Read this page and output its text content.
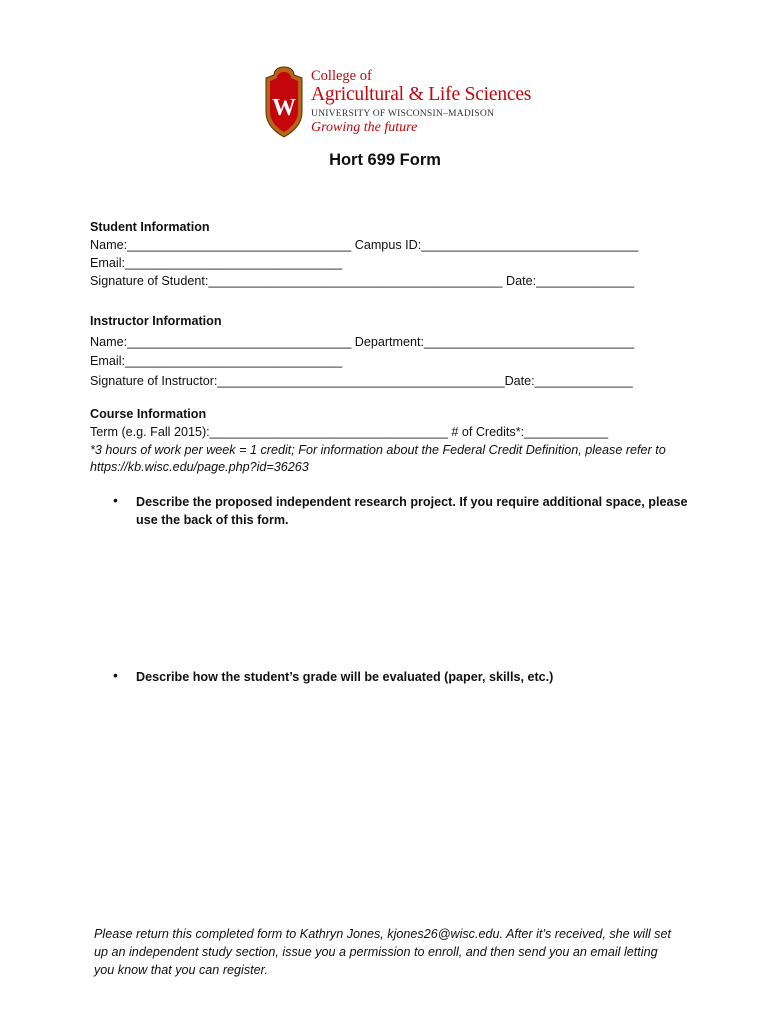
W
College of
Agricultural & Life Sciences
UNIVERSITY OF WISCONSIN–MADISON
Growing the future
Hort 699 Form
Student Information
Name:________________________________ Campus ID:_______________________________
Email:_______________________________
Signature of Student:__________________________________________ Date:______________
Instructor Information
Name:________________________________ Department:______________________________
Email:_______________________________
Signature of Instructor:_________________________________________Date:______________
Course Information
Term (e.g. Fall 2015):__________________________________ # of Credits*:____________
*3 hours of work per week = 1 credit; For information about the Federal Credit Definition, please refer to
https://kb.wisc.edu/page.php?id=36263
• Describe the proposed independent research project. If you require additional space, please
use the back of this form.
• Describe how the student’s grade will be evaluated (paper, skills, etc.)
Please return this completed form to Kathryn Jones, kjones26@wisc.edu. After it’s received, she will set
up an independent study section, issue you a permission to enroll, and then send you an email letting
you know that you can register.
